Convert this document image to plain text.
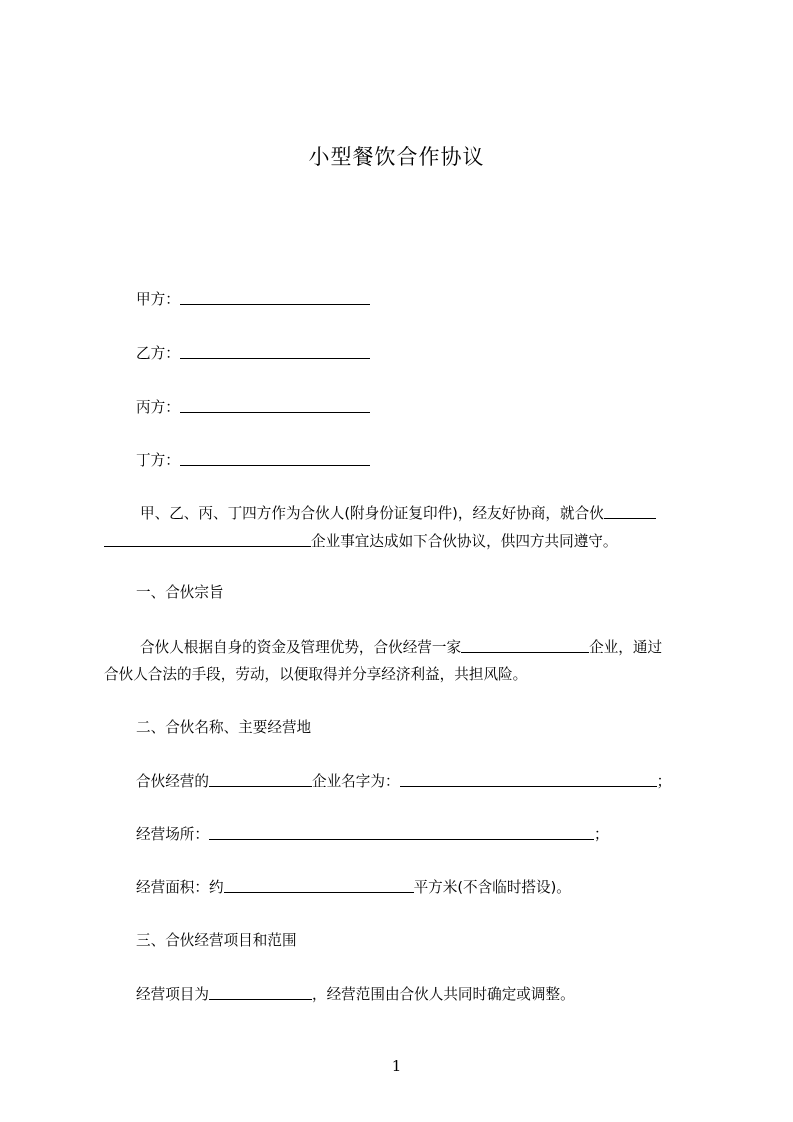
小型餐饮合作协议
甲方：
乙方：
丙方：
丁方：
甲、乙、丙、丁四方作为合伙人(附身份证复印件)，经友好协商，就合伙
企业事宜达成如下合伙协议，供四方共同遵守。
一、合伙宗旨
合伙人根据自身的资金及管理优势，合伙经营一家	企业，通过
合伙人合法的手段，劳动，以便取得并分享经济利益，共担风险。
二、合伙名称、主要经营地
合伙经营的	企业名字为：	；
经营场所：	；
经营面积：约	平方米(不含临时搭设)。
三、合伙经营项目和范围
经营项目为	，经营范围由合伙人共同时确定或调整。
1
